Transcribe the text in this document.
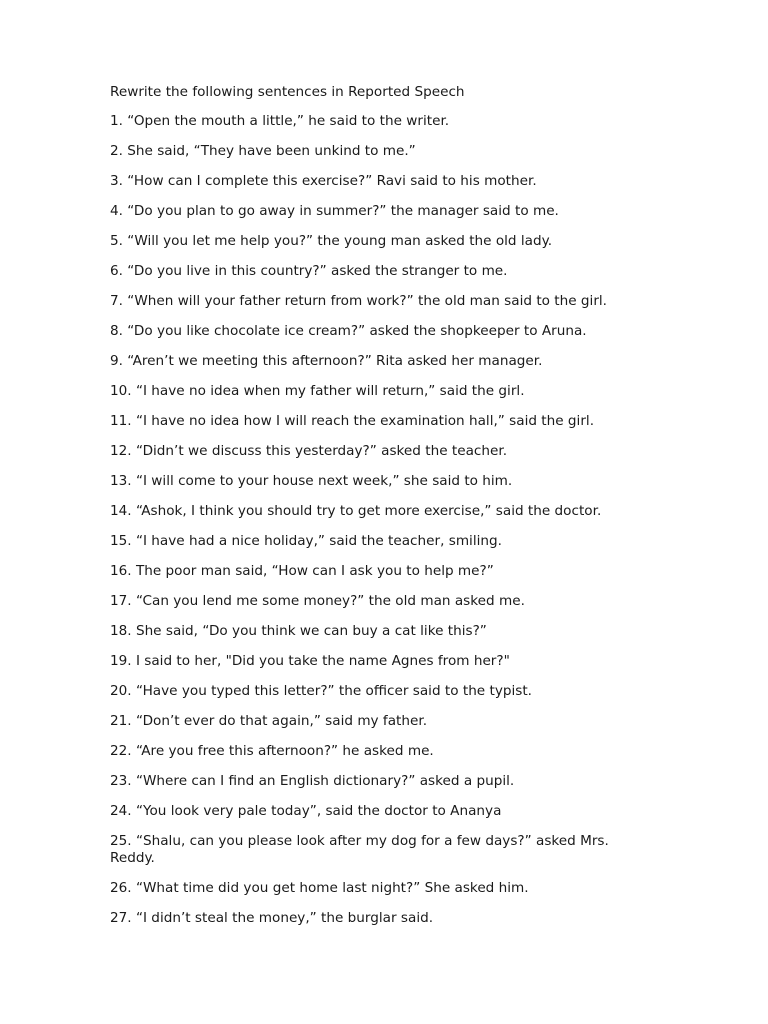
Rewrite the following sentences in Reported Speech

1. “Open the mouth a little,” he said to the writer.
2. She said, “They have been unkind to me.”
3. “How can I complete this exercise?” Ravi said to his mother.
4. “Do you plan to go away in summer?” the manager said to me.
5. “Will you let me help you?” the young man asked the old lady.
6. “Do you live in this country?” asked the stranger to me.
7. “When will your father return from work?” the old man said to the girl.
8. “Do you like chocolate ice cream?” asked the shopkeeper to Aruna.
9. “Aren’t we meeting this afternoon?” Rita asked her manager.
10. “I have no idea when my father will return,” said the girl.
11. “I have no idea how I will reach the examination hall,” said the girl.
12. “Didn’t we discuss this yesterday?” asked the teacher.
13. “I will come to your house next week,” she said to him.
14. “Ashok, I think you should try to get more exercise,” said the doctor.
15. “I have had a nice holiday,” said the teacher, smiling.
16. The poor man said, “How can I ask you to help me?”
17. “Can you lend me some money?” the old man asked me.
18. She said, “Do you think we can buy a cat like this?”
19. I said to her, "Did you take the name Agnes from her?"
20. “Have you typed this letter?” the officer said to the typist.
21. “Don’t ever do that again,” said my father.
22. “Are you free this afternoon?” he asked me.
23. “Where can I find an English dictionary?” asked a pupil.
24. “You look very pale today”, said the doctor to Ananya
25. “Shalu, can you please look after my dog for a few days?” asked Mrs. Reddy.
26. “What time did you get home last night?” She asked him.
27. “I didn’t steal the money,” the burglar said.
